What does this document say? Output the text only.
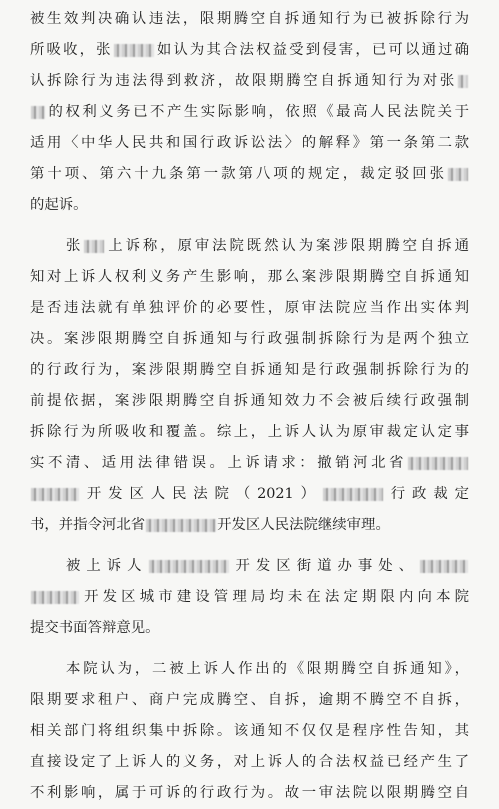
被生效判决确认违法，限期腾空自拆通知行为已被拆除行为
所吸收，张	如认为其合法权益受到侵害，已可以通过确
认拆除行为违法得到救济，故限期腾空自拆通知行为对张
的权利义务已不产生实际影响，依照《最高人民法院关于
适用〈中华人民共和国行政诉讼法〉的解释》第一条第二款
第十项、第六十九条第一款第八项的规定，裁定驳回张
的起诉。
张 上诉称，原审法院既然认为案涉限期腾空自拆通
知对上诉人权利义务产生影响，那么案涉限期腾空自拆通知
是否违法就有单独评价的必要性，原审法院应当作出实体判
决。案涉限期腾空自拆通知与行政强制拆除行为是两个独立
的行政行为，案涉限期腾空自拆通知是行政强制拆除行为的
前提依据，案涉限期腾空自拆通知效力不会被后续行政强制
拆除行为所吸收和覆盖。综上，上诉人认为原审裁定认定事
实不清、适用法律错误。上诉请求：撤销河北省
开发区人民法院（2021）	行政裁定
书，并指令河北省	开发区人民法院继续审理。
被上诉人	开发区街道办事处、
开发区城市建设管理局均未在法定期限内向本院
提交书面答辩意见。
本院认为，二被上诉人作出的《限期腾空自拆通知》，
限期要求租户、商户完成腾空、自拆，逾期不腾空不自拆，
相关部门将组织集中拆除。该通知不仅仅是程序性告知，其
直接设定了上诉人的义务，对上诉人的合法权益已经产生了
不利影响，属于可诉的行政行为。故一审法院以限期腾空自
